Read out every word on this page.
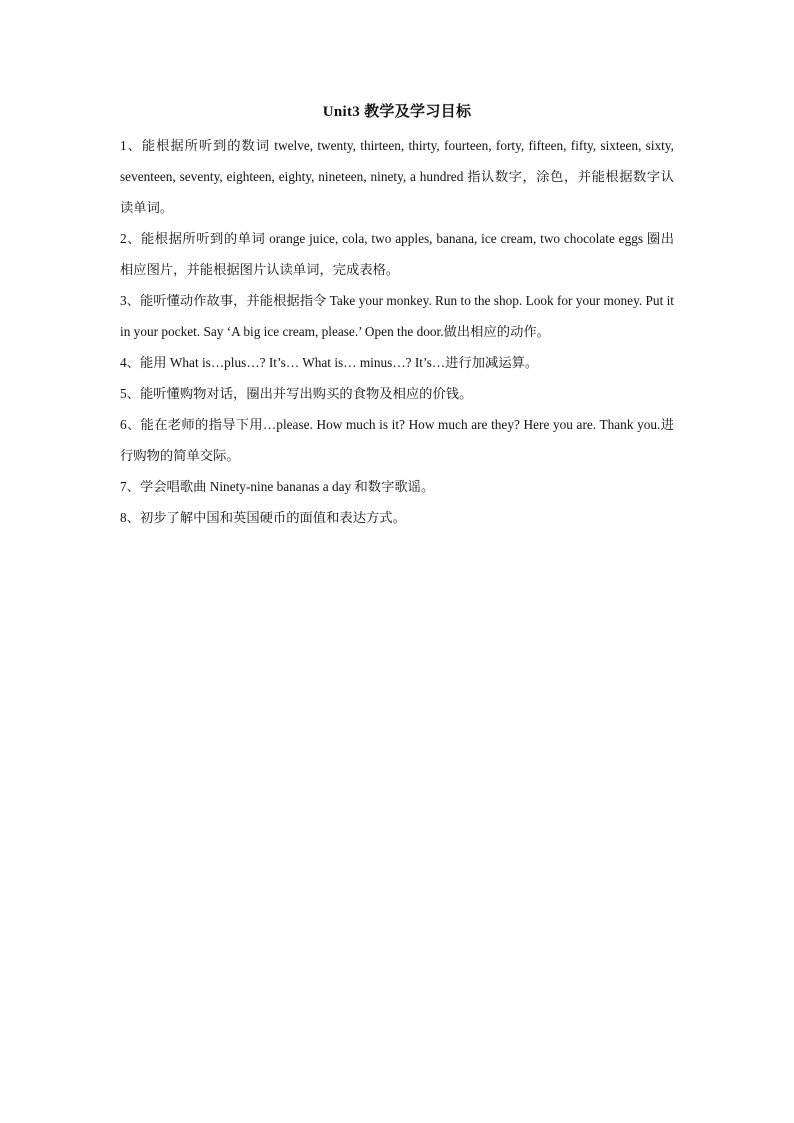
Unit3 教学及学习目标

1、能根据所听到的数词 twelve, twenty, thirteen, thirty, fourteen, forty, fifteen, fifty, sixteen, sixty, seventeen, seventy, eighteen, eighty, nineteen, ninety, a hundred 指认数字，涂色，并能根据数字认读单词。

2、能根据所听到的单词 orange juice, cola, two apples, banana, ice cream, two chocolate eggs 圈出相应图片，并能根据图片认读单词，完成表格。

3、能听懂动作故事，并能根据指令 Take your monkey. Run to the shop. Look for your money. Put it in your pocket. Say ‘A big ice cream, please.’ Open the door.做出相应的动作。

4、能用 What is…plus…? It’s… What is… minus…? It’s…进行加减运算。

5、能听懂购物对话，圈出并写出购买的食物及相应的价钱。

6、能在老师的指导下用…please. How much is it? How much are they? Here you are. Thank you.进行购物的简单交际。

7、学会唱歌曲 Ninety-nine bananas a day 和数字歌谣。

8、初步了解中国和英国硬币的面值和表达方式。
